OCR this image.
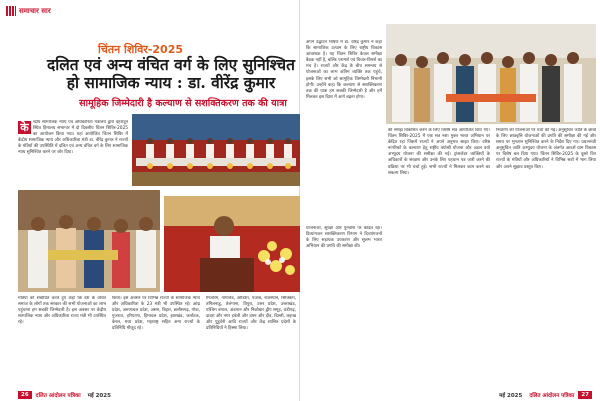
समाचार सार
चिंतन शिविर-2025
दलित एवं अन्य वंचित वर्ग के लिए सुनिश्चित
हो सामाजिक न्याय : डा. वीरेंद्र कुमार
सामूहिक जिम्मेदारी है कल्याण से सशक्तिकरण तक की यात्रा
के न्द्रीय सामाजिक न्याय एवं अधिकारिता मंत्रालय द्वारा देहरादून स्थित हिमालय सभागार में दो दिवसीय चिंतन शिविर-2025 का आयोजन किया गया। यहां आयोजित चिंतन शिविर में केंद्रीय सामाजिक न्याय और अधिकारिता मंत्री डा. वीरेंद्र कुमार ने राज्यों के मंत्रियों की उपस्थिति में दलित एवं अन्य वंचित वर्ग के लिए सामाजिक न्याय सुनिश्चित करने पर जोर दिया।
मंत्रियों को संबोधित करते हुए कहा कि देश के वंचित समाज के लोगों तक सरकार की सभी योजनाओं का लाभ पहुंचाना हम सबकी जिम्मेदारी है। इस अवसर पर केंद्रीय सामाजिक न्याय और अधिकारिता राज्य मंत्री भी उपस्थित रहे।
किया। इस अवसर पर विभिन्न राज्यों के सामाजिक न्याय और अधिकारिता के 23 मंत्री भी उपस्थित रहे। आंध्र प्रदेश, अरुणाचल प्रदेश, असम, बिहार, छत्तीसगढ़, गोवा, गुजरात, हरियाणा, हिमाचल प्रदेश, झारखंड, कर्नाटक, केरल, मध्य प्रदेश, महाराष्ट्र सहित अन्य राज्यों के प्रतिनिधि मौजूद रहे।
मिजोरम, नागालैंड, ओडिशा, पंजाब, राजस्थान, सिक्किम, तमिलनाडु, तेलंगाना, त्रिपुरा, उत्तर प्रदेश, उत्तराखंड, पश्चिम बंगाल, अंडमान और निकोबार द्वीप समूह, चंडीगढ़, दादरा और नगर हवेली और दमन और दीव, दिल्ली, लद्दाख और पुडुचेरी आदि राज्यों और केंद्र शासित प्रदेशों के प्रतिनिधियों ने हिस्सा लिया।
26	दलित आंदोलन पत्रिका	मई 2025
अपने उद्घाटन भाषण में डा. वीरेंद्र कुमार ने कहा कि सामाजिक उत्थान के लिए राष्ट्रीय विकास आवश्यक है। यह चिंतन शिविर केवल समीक्षा बैठक नहीं है, बल्कि परामर्श एवं विचार-विमर्श का मंच है। राज्यों और केंद्र के बीच समन्वय से योजनाओं का लाभ अंतिम व्यक्ति तक पहुंचे, इसके लिए सभी को सामूहिक जिम्मेदारी निभानी होगी। उन्होंने कहा कि कल्याण से सशक्तिकरण तक की यात्रा हम सबकी जिम्मेदारी है और हमें मिलकर इस दिशा में आगे बढ़ना होगा।
योजनाओं, सुरक्षा और पुनर्वास पर केंद्रित रहा। दिव्यांगजन सशक्तिकरण विभाग ने दिव्यांगजनों के लिए सहायक उपकरण और सुलभ भारत अभियान की प्रगति की समीक्षा की।
की समझ विकसित करने के लिए विशेष सत्र आयोजित किए गए। चिंतन शिविर-2025 में एक सत्र नशा मुक्त भारत अभियान पर केंद्रित रहा जिसमें राज्यों ने अपने अनुभव साझा किए। वरिष्ठ नागरिकों के कल्याण हेतु राष्ट्रीय वयोश्री योजना और अटल वयो अभ्युदय योजना की समीक्षा की गई। ट्रांसजेंडर व्यक्तियों के अधिकारों के संरक्षण और उनके लिए पहचान पत्र जारी करने की प्रक्रिया पर भी चर्चा हुई। सभी राज्यों ने मिलकर काम करने का संकल्प लिया।
निवारण की योजनाओं पर चर्चा की गई। अनुसूचित जाति के छात्रों के लिए छात्रवृत्ति योजनाओं की प्रगति की समीक्षा की गई और समय पर भुगतान सुनिश्चित करने के निर्देश दिए गए। प्रधानमंत्री अनुसूचित जाति अभ्युदय योजना के अंतर्गत आदर्श ग्राम विकास पर विशेष बल दिया गया। चिंतन शिविर-2025 के दूसरे दिन राज्यों के मंत्रियों और अधिकारियों ने विभिन्न सत्रों में भाग लिया और अपने सुझाव प्रस्तुत किए।
मई 2025	दलित आंदोलन पत्रिका	27
